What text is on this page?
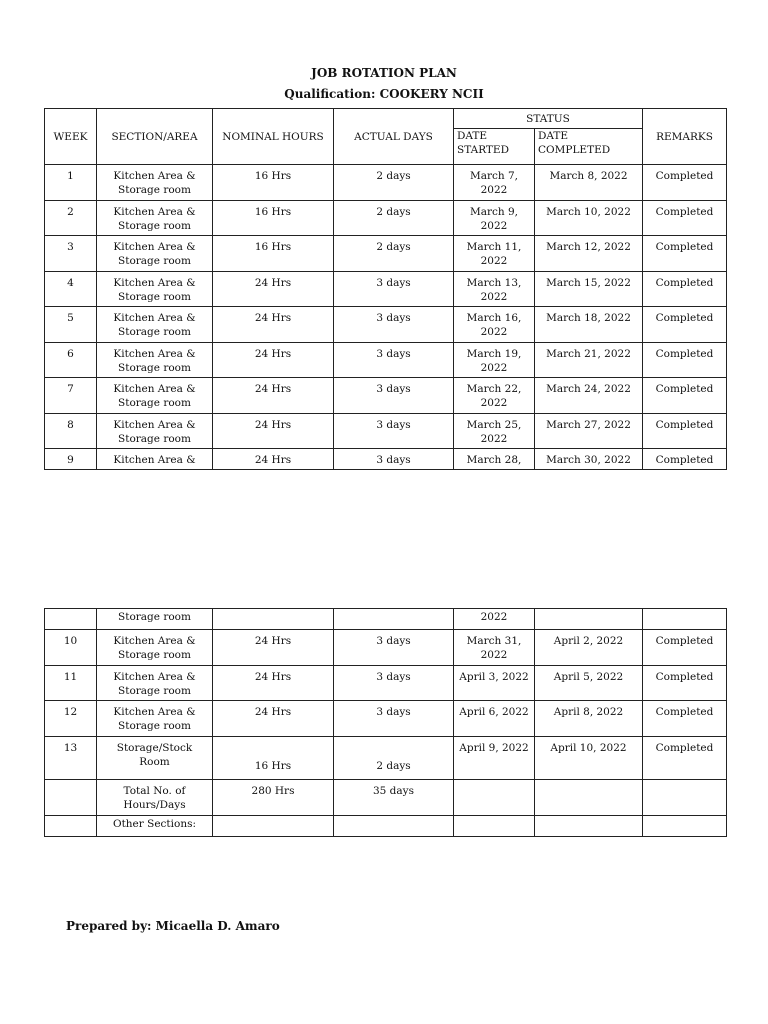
JOB ROTATION PLAN
Qualification: COOKERY NCII
WEEK	SECTION/AREA	NOMINAL HOURS	ACTUAL DAYS	STATUS		REMARKS
				DATE STARTED	DATE COMPLETED	
1	Kitchen Area & Storage room	16 Hrs	2 days	March 7, 2022	March 8, 2022	Completed
2	Kitchen Area & Storage room	16 Hrs	2 days	March 9, 2022	March 10, 2022	Completed
3	Kitchen Area & Storage room	16 Hrs	2 days	March 11, 2022	March 12, 2022	Completed
4	Kitchen Area & Storage room	24 Hrs	3 days	March 13, 2022	March 15, 2022	Completed
5	Kitchen Area & Storage room	24 Hrs	3 days	March 16, 2022	March 18, 2022	Completed
6	Kitchen Area & Storage room	24 Hrs	3 days	March 19, 2022	March 21, 2022	Completed
7	Kitchen Area & Storage room	24 Hrs	3 days	March 22, 2022	March 24, 2022	Completed
8	Kitchen Area & Storage room	24 Hrs	3 days	March 25, 2022	March 27, 2022	Completed
9	Kitchen Area &	24 Hrs	3 days	March 28,	March 30, 2022	Completed
	Storage room			2022		
10	Kitchen Area & Storage room	24 Hrs	3 days	March 31, 2022	April 2, 2022	Completed
11	Kitchen Area & Storage room	24 Hrs	3 days	April 3, 2022	April 5, 2022	Completed
12	Kitchen Area & Storage room	24 Hrs	3 days	April 6, 2022	April 8, 2022	Completed
13	Storage/Stock Room	16 Hrs	2 days	April 9, 2022	April 10, 2022	Completed
	Total No. of Hours/Days	280 Hrs	35 days			
	Other Sections:					
Prepared by: Micaella D. Amaro
